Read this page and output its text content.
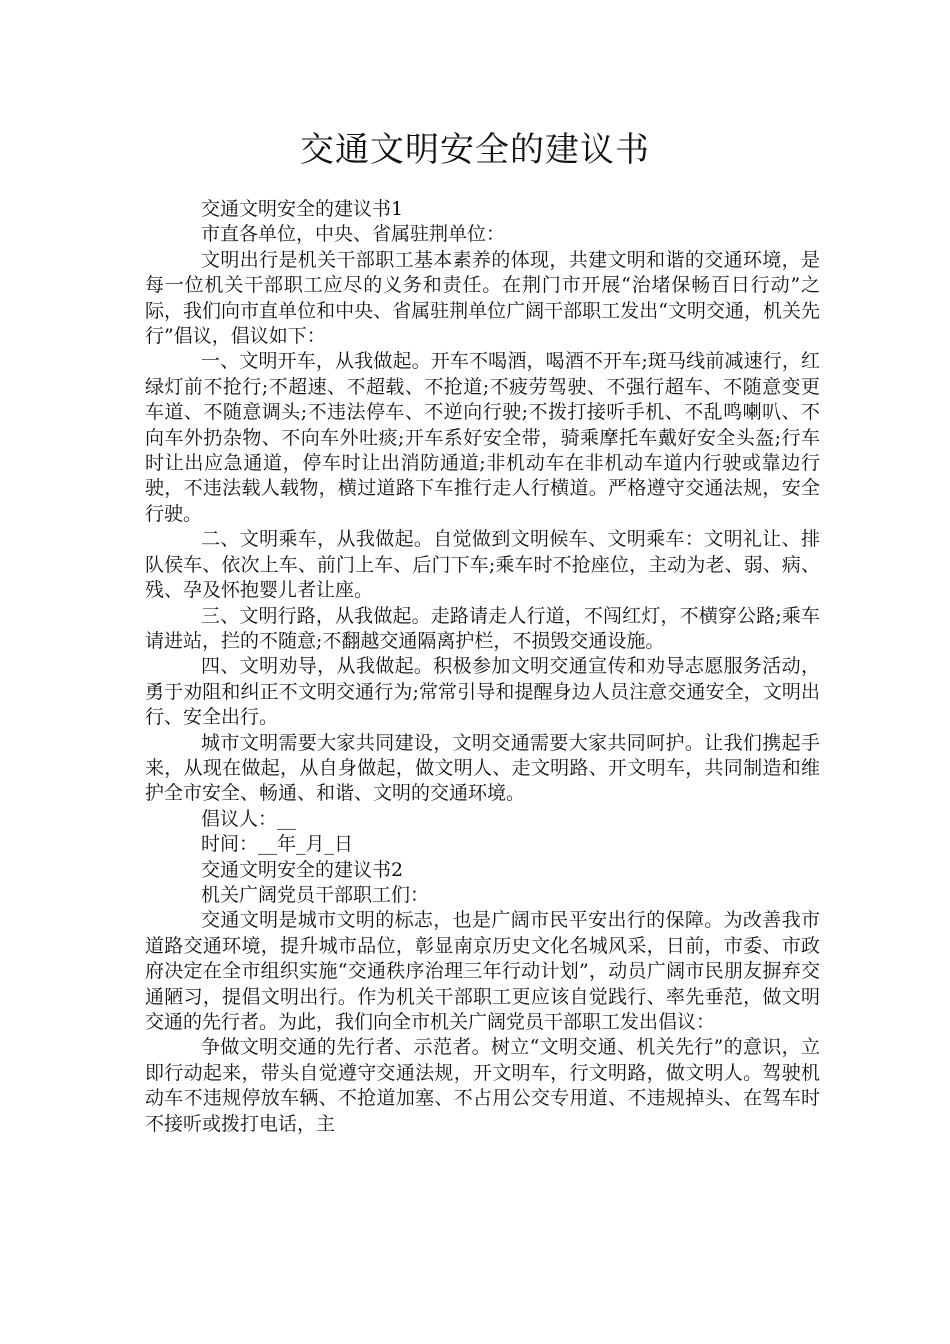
交通文明安全的建议书

交通文明安全的建议书1

市直各单位，中央、省属驻荆单位：

文明出行是机关干部职工基本素养的体现，共建文明和谐的交通环境，是每一位机关干部职工应尽的义务和责任。在荆门市开展“治堵保畅百日行动”之际，我们向市直单位和中央、省属驻荆单位广阔干部职工发出“文明交通，机关先行”倡议，倡议如下：

一、文明开车，从我做起。开车不喝酒，喝酒不开车;斑马线前减速行，红绿灯前不抢行;不超速、不超载、不抢道;不疲劳驾驶、不强行超车、不随意变更车道、不随意调头;不违法停车、不逆向行驶;不拨打接听手机、不乱鸣喇叭、不向车外扔杂物、不向车外吐痰;开车系好安全带，骑乘摩托车戴好安全头盔;行车时让出应急通道，停车时让出消防通道;非机动车在非机动车道内行驶或靠边行驶，不违法载人载物，横过道路下车推行走人行横道。严格遵守交通法规，安全行驶。

二、文明乘车，从我做起。自觉做到文明候车、文明乘车：文明礼让、排队侯车、依次上车、前门上车、后门下车;乘车时不抢座位，主动为老、弱、病、残、孕及怀抱婴儿者让座。

三、文明行路，从我做起。走路请走人行道，不闯红灯，不横穿公路;乘车请进站，拦的不随意;不翻越交通隔离护栏，不损毁交通设施。

四、文明劝导，从我做起。积极参加文明交通宣传和劝导志愿服务活动，勇于劝阻和纠正不文明交通行为;常常引导和提醒身边人员注意交通安全，文明出行、安全出行。

城市文明需要大家共同建设，文明交通需要大家共同呵护。让我们携起手来，从现在做起，从自身做起，做文明人、走文明路、开文明车，共同制造和维护全市安全、畅通、和谐、文明的交通环境。

倡议人：__

时间：__年_月_日

交通文明安全的建议书2

机关广阔党员干部职工们：

交通文明是城市文明的标志，也是广阔市民平安出行的保障。为改善我市道路交通环境，提升城市品位，彰显南京历史文化名城风采，日前，市委、市政府决定在全市组织实施“交通秩序治理三年行动计划”，动员广阔市民朋友摒弃交通陋习，提倡文明出行。作为机关干部职工更应该自觉践行、率先垂范，做文明交通的先行者。为此，我们向全市机关广阔党员干部职工发出倡议：

争做文明交通的先行者、示范者。树立“文明交通、机关先行”的意识，立即行动起来，带头自觉遵守交通法规，开文明车，行文明路，做文明人。驾驶机动车不违规停放车辆、不抢道加塞、不占用公交专用道、不违规掉头、在驾车时不接听或拨打电话，主
